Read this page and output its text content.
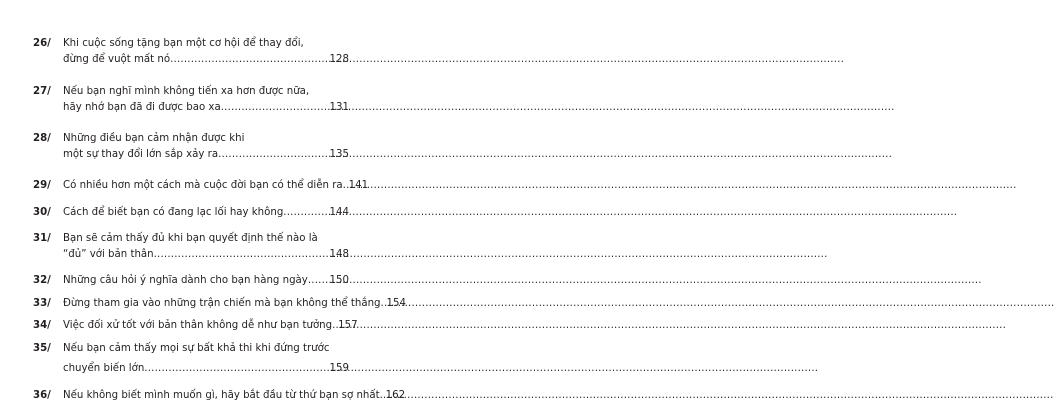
26/	Khi cuộc sống tặng bạn một cơ hội để thay đổi,
đừng để vuột mất nó .....	128
27/	Nếu bạn nghĩ mình không tiến xa hơn được nữa,
hãy nhớ bạn đã đi được bao xa .....	131
28/	Những điều bạn cảm nhận được khi
một sự thay đổi lớn sắp xảy ra .....	135
29/	Có nhiều hơn một cách mà cuộc đời bạn có thể diễn ra ..... 141
30/	Cách để biết bạn có đang lạc lối hay không .....	144
31/	Bạn sẽ cảm thấy đủ khi bạn quyết định thế nào là
“đủ” với bản thân .....	148
32/	Những câu hỏi ý nghĩa dành cho bạn hàng ngày ..... 150
33/	Đừng tham gia vào những trận chiến mà bạn không thể thắng ..... 154
34/	Việc đối xử tốt với bản thân không dễ như bạn tưởng ..... 157
35/	Nếu bạn cảm thấy mọi sự bất khả thi khi đứng trước
chuyển biến lớn .....	159
36/	Nếu không biết mình muốn gì, hãy bắt đầu từ thứ bạn sợ nhất ..... 162
